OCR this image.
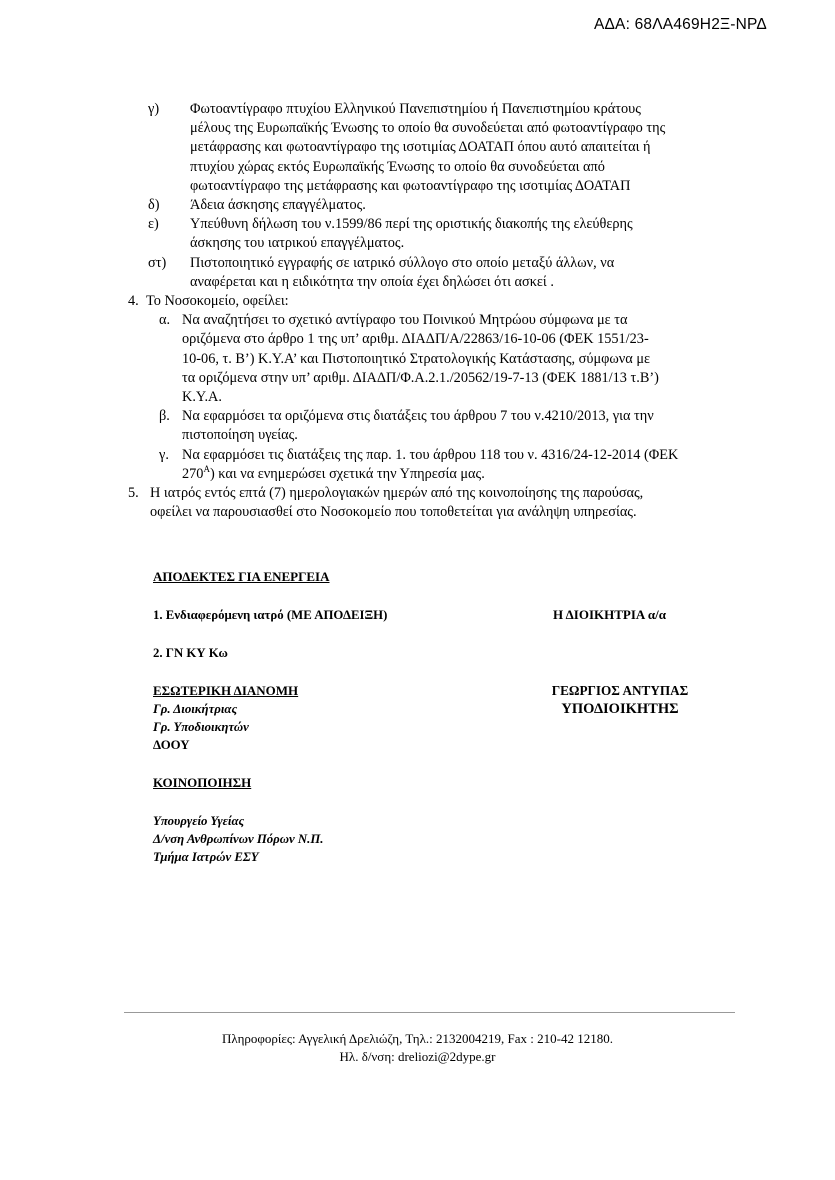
ΑΔΑ: 68ΛΑ469Η2Ξ-ΝΡΔ
γ)	Φωτοαντίγραφο πτυχίου Ελληνικού Πανεπιστημίου ή Πανεπιστημίου κράτους
μέλους της Ευρωπαϊκής Ένωσης το οποίο θα συνοδεύεται από φωτοαντίγραφο της
μετάφρασης και φωτοαντίγραφο της ισοτιμίας ΔΟΑΤΑΠ όπου αυτό απαιτείται ή
πτυχίου χώρας εκτός Ευρωπαϊκής Ένωσης το οποίο θα συνοδεύεται από
φωτοαντίγραφο της μετάφρασης και φωτοαντίγραφο της ισοτιμίας ΔΟΑΤΑΠ
δ)	Άδεια άσκησης επαγγέλματος.
ε)	Υπεύθυνη δήλωση του ν.1599/86 περί της οριστικής διακοπής της ελεύθερης
άσκησης του ιατρικού επαγγέλματος.
στ)	Πιστοποιητικό εγγραφής σε ιατρικό σύλλογο στο οποίο μεταξύ άλλων, να
αναφέρεται και η ειδικότητα την οποία έχει δηλώσει ότι ασκεί .
4. Το Νοσοκομείο, οφείλει:
α. Να αναζητήσει το σχετικό αντίγραφο του Ποινικού Μητρώου σύμφωνα με τα
οριζόμενα στο άρθρο 1 της υπ’ αριθμ. ΔΙΑΔΠ/Α/22863/16-10-06 (ΦΕΚ 1551/23-
10-06, τ. Β’) Κ.Υ.Α’ και Πιστοποιητικό Στρατολογικής Κατάστασης, σύμφωνα με
τα οριζόμενα στην υπ’ αριθμ. ΔΙΑΔΠ/Φ.Α.2.1./20562/19-7-13 (ΦΕΚ 1881/13 τ.Β’)
Κ.Υ.Α.
β. Να εφαρμόσει τα οριζόμενα στις διατάξεις του άρθρου 7 του ν.4210/2013, για την
πιστοποίηση υγείας.
γ. Να εφαρμόσει τις διατάξεις της παρ. 1. του άρθρου 118 του ν. 4316/24-12-2014 (ΦΕΚ
$270^A$) και να ενημερώσει σχετικά την Υπηρεσία μας.
5. Η ιατρός εντός επτά (7) ημερολογιακών ημερών από της κοινοποίησης της παρούσας,
οφείλει να παρουσιασθεί στο Νοσοκομείο που τοποθετείται για ανάληψη υπηρεσίας.
ΑΠΟΔΕΚΤΕΣ ΓΙΑ ΕΝΕΡΓΕΙΑ
1. Ενδιαφερόμενη ιατρό (ΜΕ ΑΠΟΔΕΙΞΗ)
2. ΓΝ ΚΥ Κω
ΕΣΩΤΕΡΙΚΗ ΔΙΑΝΟΜΗ
Γρ. Διοικήτριας
Γρ. Υποδιοικητών
ΔΟΟΥ
ΚΟΙΝΟΠΟΙΗΣΗ
Υπουργείο Υγείας
Δ/νση Ανθρωπίνων Πόρων Ν.Π.
Τμήμα Ιατρών ΕΣΥ
Η ΔΙΟΙΚΗΤΡΙΑ α/α
ΓΕΩΡΓΙΟΣ ΑΝΤΥΠΑΣ
ΥΠΟΔΙΟΙΚΗΤΗΣ
Πληροφορίες: Αγγελική Δρελιώζη, Τηλ.: 2132004219, Fax : 210-42 12180.
Ηλ. δ/νση: dreliozi@2dype.gr
